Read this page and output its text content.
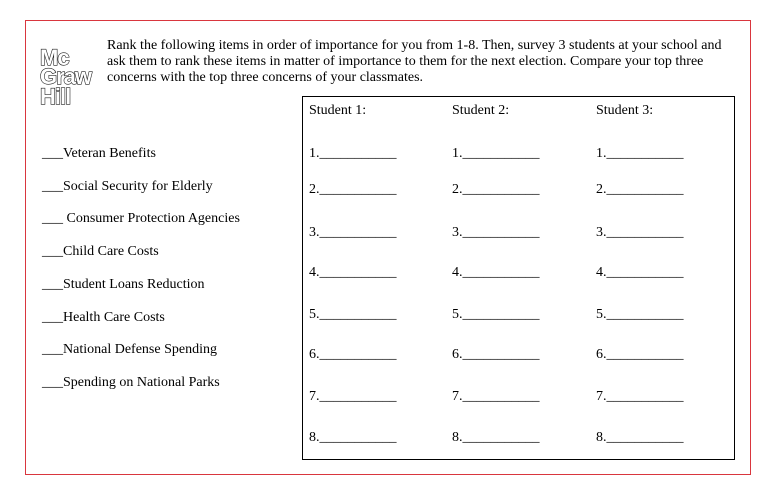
Mc
Graw
Hill
Rank the following items in order of importance for you from 1-8. Then, survey 3 students at your school and ask them to rank these items in matter of importance to them for the next election. Compare your top three concerns with the top three concerns of your classmates.
___Veteran Benefits
___Social Security for Elderly
___ Consumer Protection Agencies
___Child Care Costs
___Student Loans Reduction
___Health Care Costs
___National Defense Spending
___Spending on National Parks
Student 1:	Student 2:	Student 3:
1.___________
2.___________
3.___________
4.___________
5.___________
6.___________
7.___________
8.___________
1.___________
2.___________
3.___________
4.___________
5.___________
6.___________
7.___________
8.___________
1.___________
2.___________
3.___________
4.___________
5.___________
6.___________
7.___________
8.___________
